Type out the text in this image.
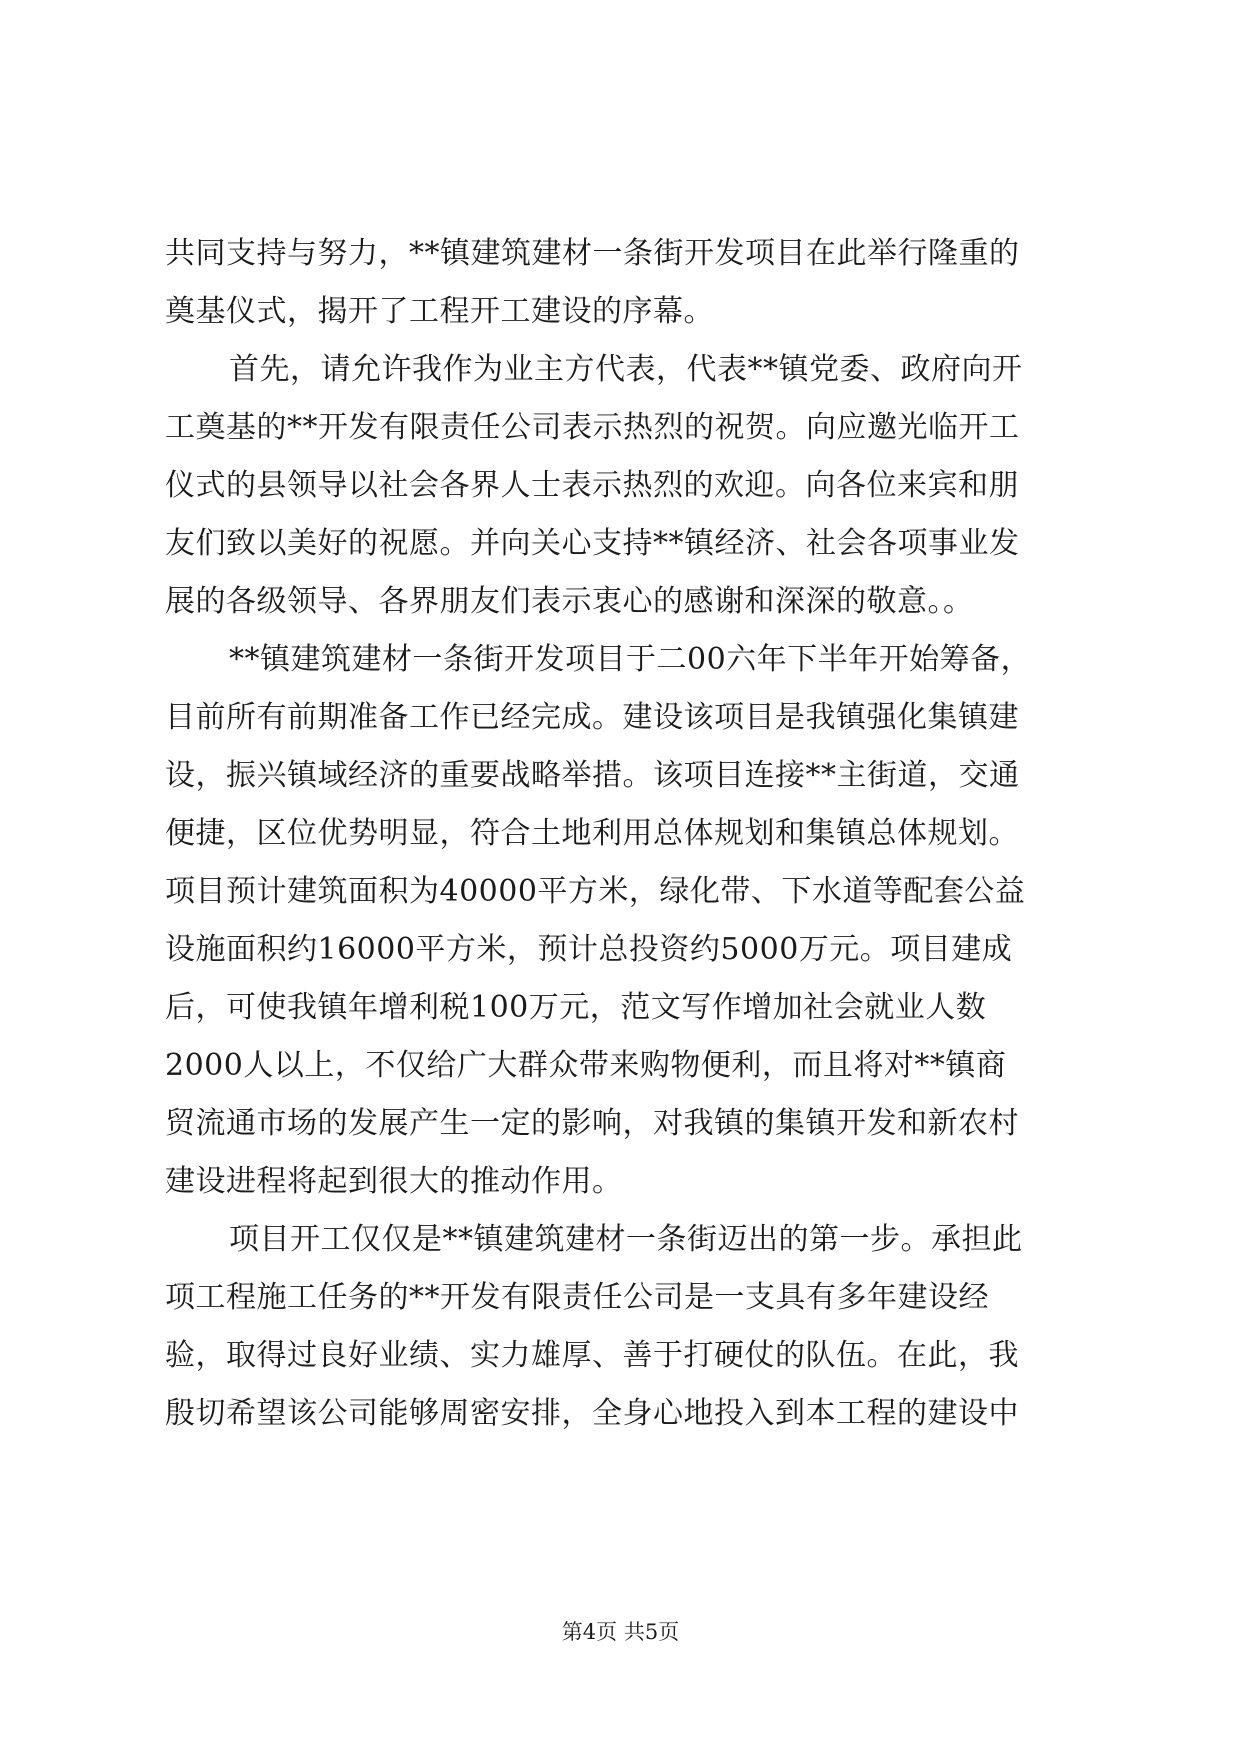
共同支持与努力，**镇建筑建材一条街开发项目在此举行隆重的
奠基仪式，揭开了工程开工建设的序幕。
首先，请允许我作为业主方代表，代表**镇党委、政府向开
工奠基的**开发有限责任公司表示热烈的祝贺。向应邀光临开工
仪式的县领导以社会各界人士表示热烈的欢迎。向各位来宾和朋
友们致以美好的祝愿。并向关心支持**镇经济、社会各项事业发
展的各级领导、各界朋友们表示衷心的感谢和深深的敬意。。
**镇建筑建材一条街开发项目于二00六年下半年开始筹备，
目前所有前期准备工作已经完成。建设该项目是我镇强化集镇建
设，振兴镇域经济的重要战略举措。该项目连接**主街道，交通
便捷，区位优势明显，符合土地利用总体规划和集镇总体规划。
项目预计建筑面积为40000平方米，绿化带、下水道等配套公益
设施面积约16000平方米，预计总投资约5000万元。项目建成
后，可使我镇年增利税100万元，范文写作增加社会就业人数
2000人以上，不仅给广大群众带来购物便利，而且将对**镇商
贸流通市场的发展产生一定的影响，对我镇的集镇开发和新农村
建设进程将起到很大的推动作用。
项目开工仅仅是**镇建筑建材一条街迈出的第一步。承担此
项工程施工任务的**开发有限责任公司是一支具有多年建设经
验，取得过良好业绩、实力雄厚、善于打硬仗的队伍。在此，我
殷切希望该公司能够周密安排，全身心地投入到本工程的建设中
第4页 共5页
